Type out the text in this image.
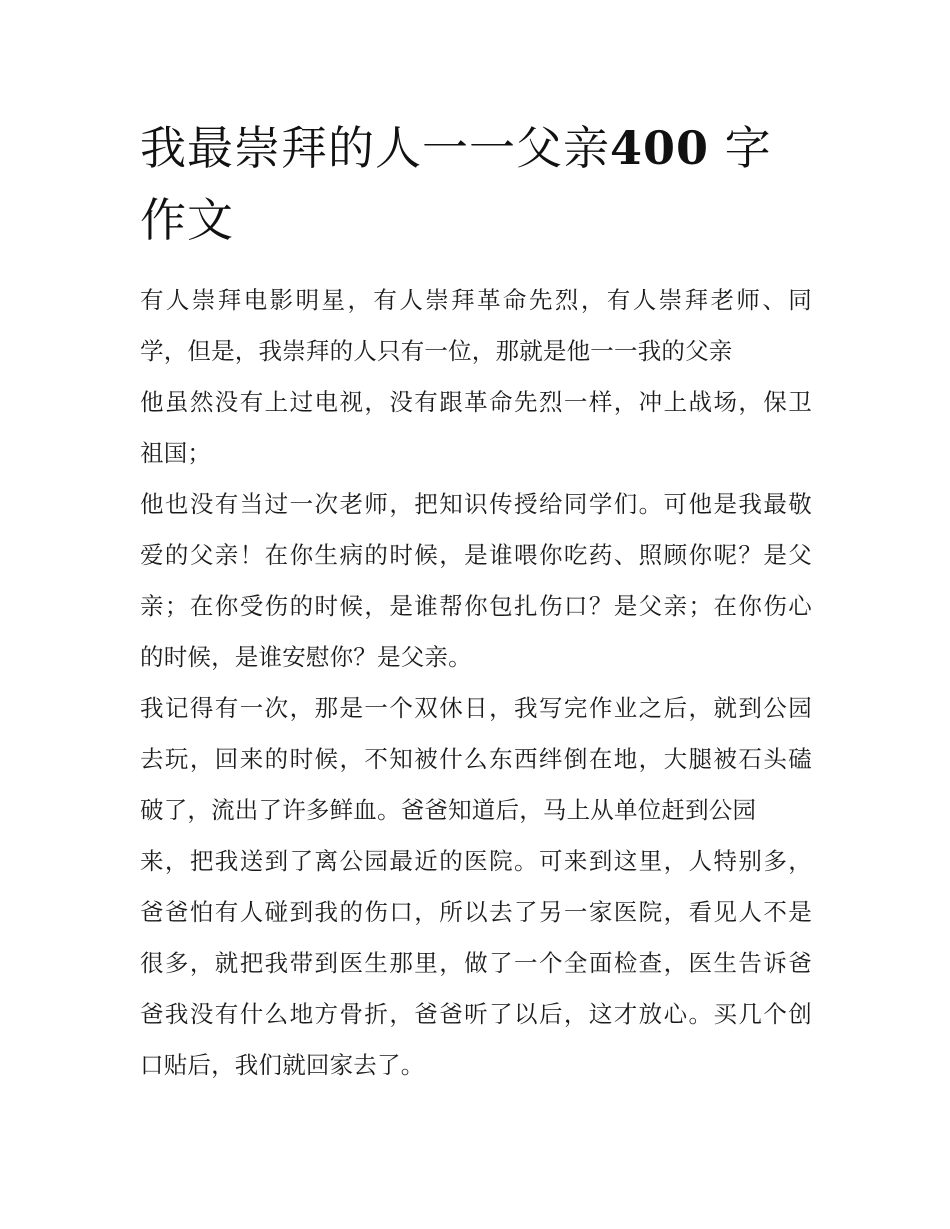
我最崇拜的人一一父亲400 字
作文
有人崇拜电影明星，有人崇拜革命先烈，有人崇拜老师、同
学，但是，我崇拜的人只有一位，那就是他一一我的父亲
他虽然没有上过电视，没有跟革命先烈一样，冲上战场，保卫
祖国；
他也没有当过一次老师，把知识传授给同学们。可他是我最敬
爱的父亲！在你生病的时候，是谁喂你吃药、照顾你呢？是父
亲；在你受伤的时候，是谁帮你包扎伤口？是父亲；在你伤心
的时候，是谁安慰你？是父亲。
我记得有一次，那是一个双休日，我写完作业之后，就到公园
去玩，回来的时候，不知被什么东西绊倒在地，大腿被石头磕
破了，流出了许多鲜血。爸爸知道后，马上从单位赶到公园
来，把我送到了离公园最近的医院。可来到这里，人特别多，
爸爸怕有人碰到我的伤口，所以去了另一家医院，看见人不是
很多，就把我带到医生那里，做了一个全面检查，医生告诉爸
爸我没有什么地方骨折，爸爸听了以后，这才放心。买几个创
口贴后，我们就回家去了。
